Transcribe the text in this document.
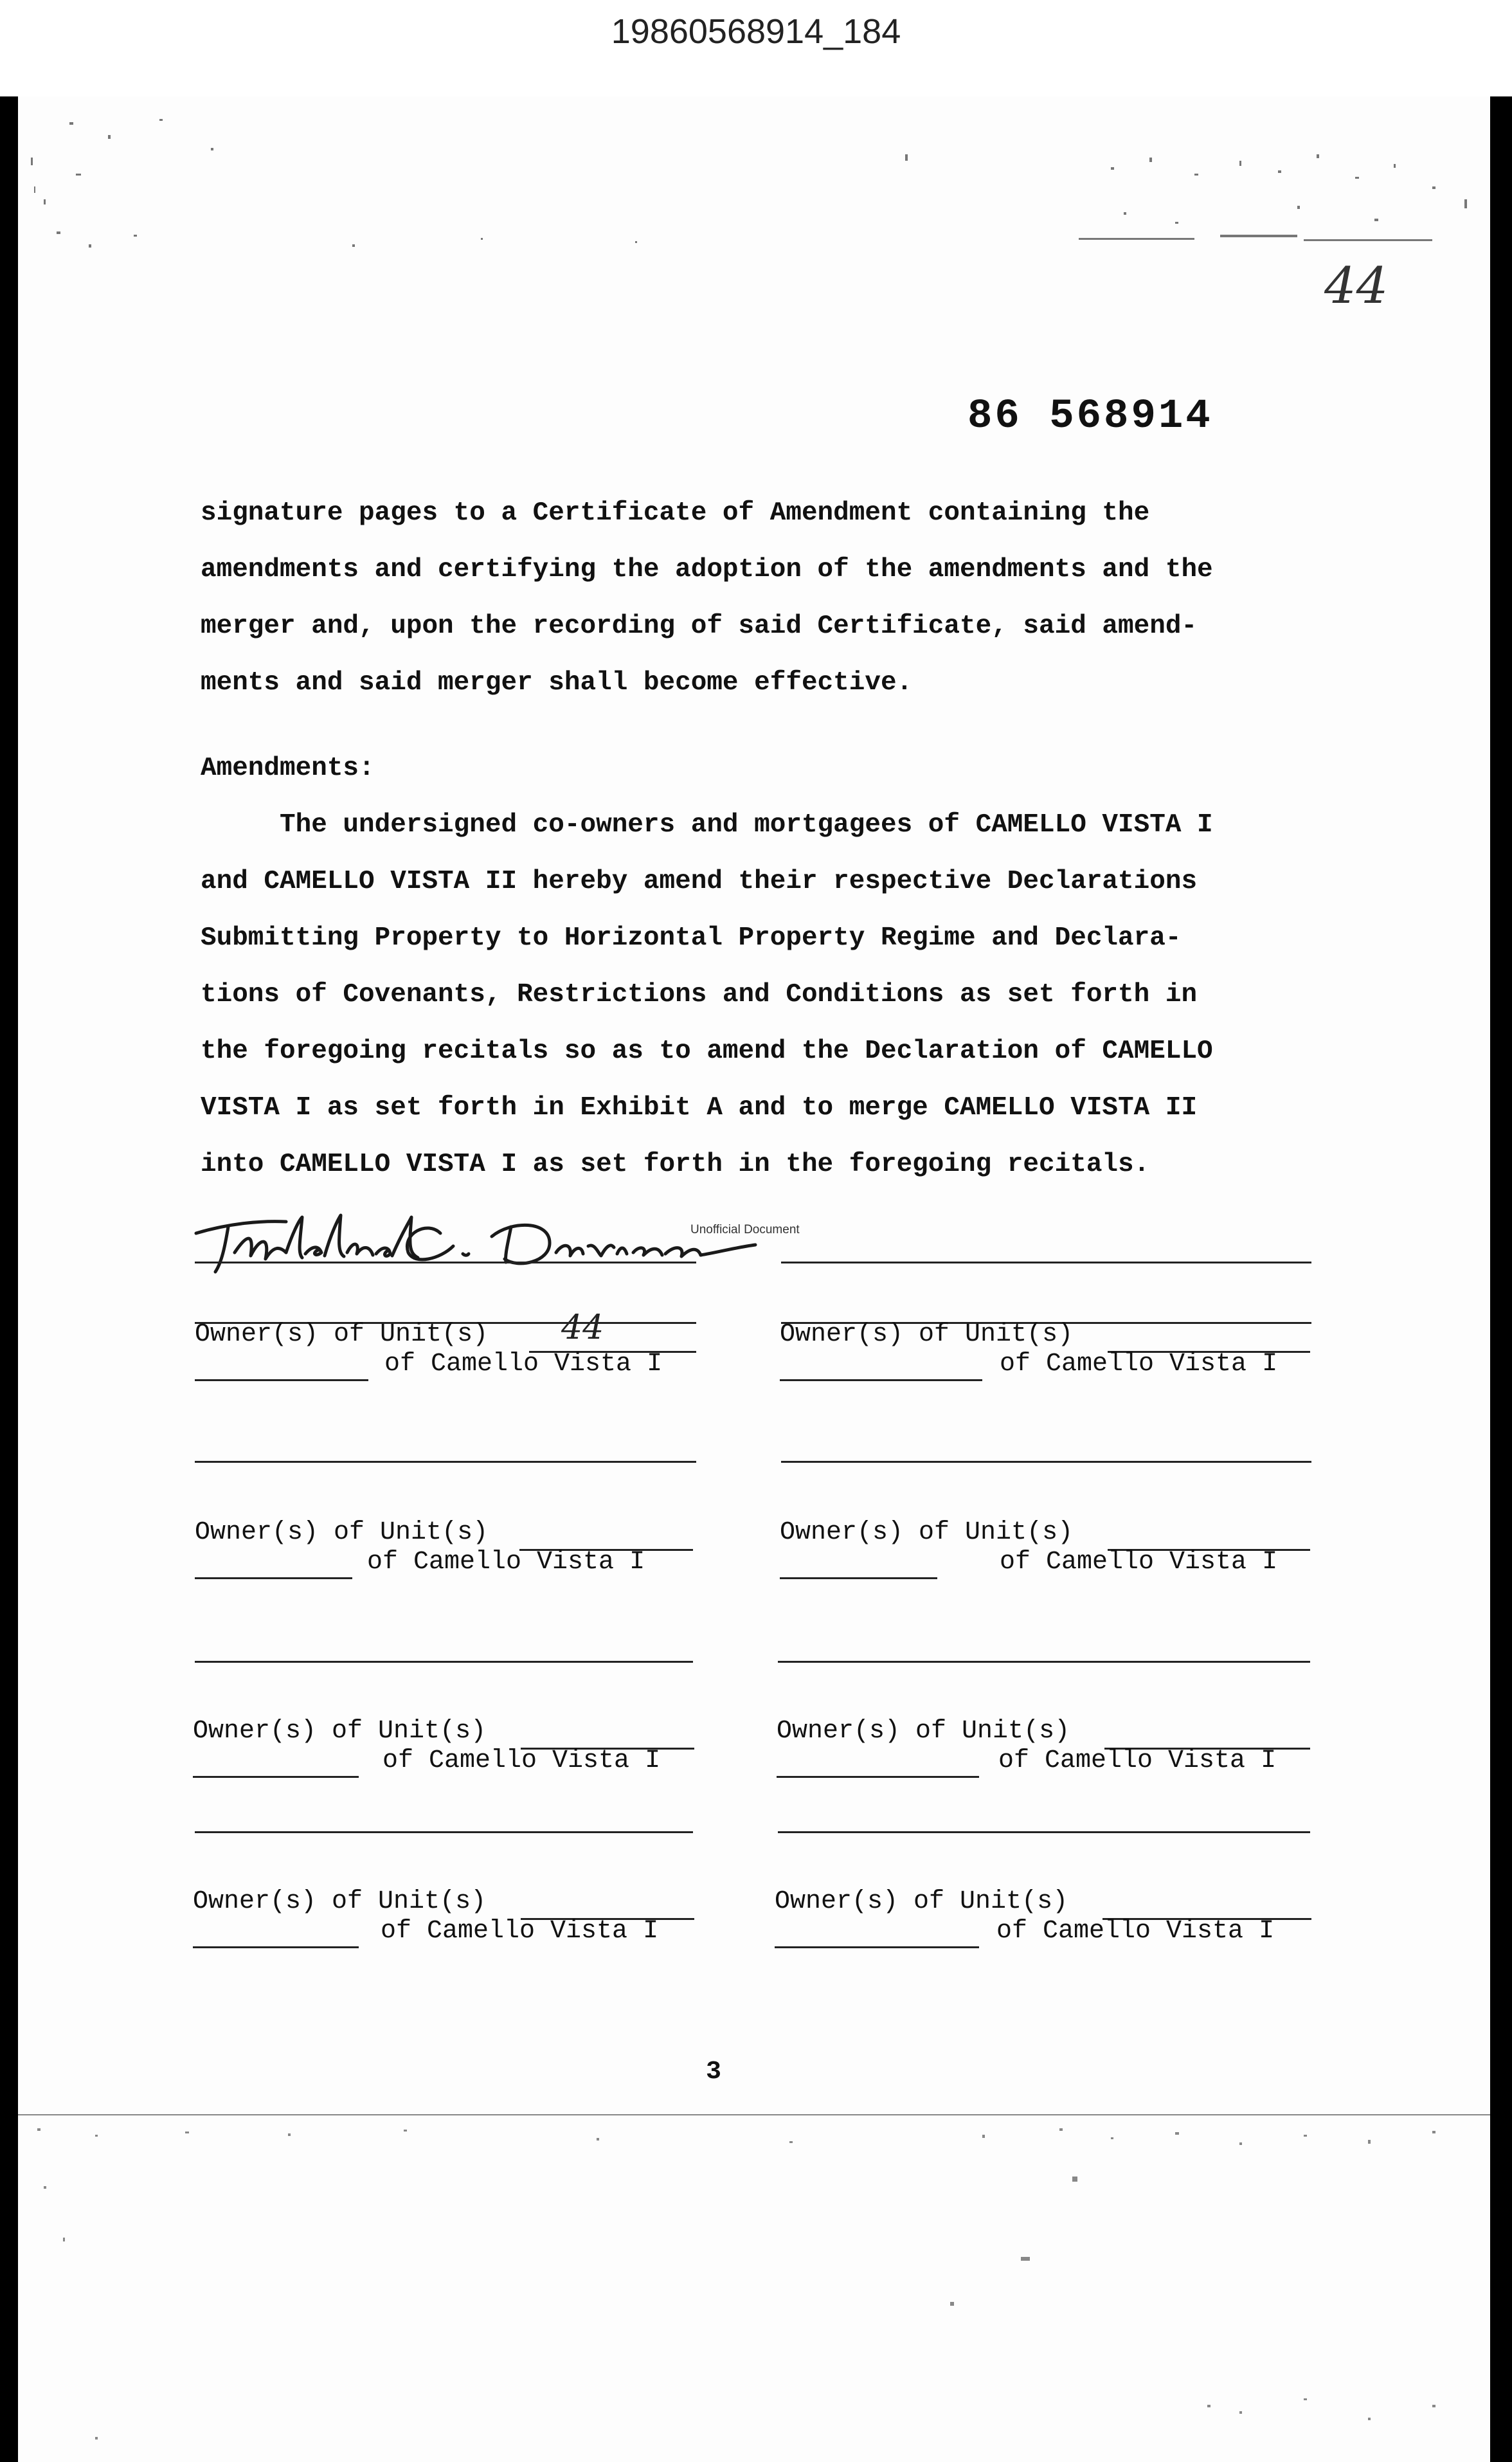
19860568914_184
44
86 568914

signature pages to a Certificate of Amendment containing the

amendments and certifying the adoption of the amendments and the

merger and, upon the recording of said Certificate, said amend-

ments and said merger shall become effective.

Amendments:

The undersigned co-owners and mortgagees of CAMELLO VISTA I

and CAMELLO VISTA II hereby amend their respective Declarations

Submitting Property to Horizontal Property Regime and Declara-

tions of Covenants, Restrictions and Conditions as set forth in

the foregoing recitals so as to amend the Declaration of CAMELLO

VISTA I as set forth in Exhibit A and to merge CAMELLO VISTA II

into CAMELLO VISTA I as set forth in the foregoing recitals.

Unofficial Document

Owner(s) of Unit(s)

44

of Camello Vista I

Owner(s) of Unit(s)

of Camello Vista I

Owner(s) of Unit(s)

of Camello Vista I

Owner(s) of Unit(s)

of Camello Vista I

Owner(s) of Unit(s)

of Camello Vista I

Owner(s) of Unit(s)

of Camello Vista I

Owner(s) of Unit(s)

of Camello Vista I

Owner(s) of Unit(s)

of Camello Vista I

3
